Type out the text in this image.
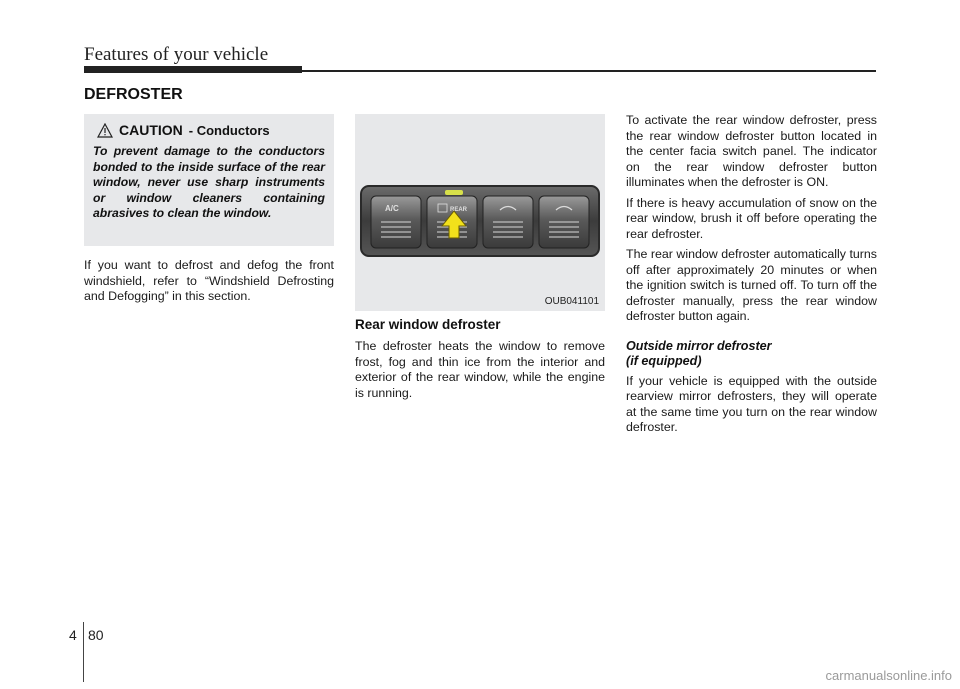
Features of your vehicle
DEFROSTER
CAUTION - Conductors
To prevent damage to the conductors bonded to the inside surface of the rear window, never use sharp instruments or window cleaners containing abrasives to clean the window.
If you want to defrost and defog the front windshield, refer to “Windshield Defrosting and Defogging” in this section.
A/C	REAR
OUB041101
Rear window defroster
The defroster heats the window to remove frost, fog and thin ice from the interior and exterior of the rear window, while the engine is running.

To activate the rear window defroster, press the rear window defroster button located in the center facia switch panel. The indicator on the rear window defroster button illuminates when the defroster is ON.

If there is heavy accumulation of snow on the rear window, brush it off before operating the rear defroster.

The rear window defroster automatically turns off after approximately 20 minutes or when the ignition switch is turned off. To turn off the defroster manually, press the rear window defroster button again.

Outside mirror defroster
(if equipped)

If your vehicle is equipped with the outside rearview mirror defrosters, they will operate at the same time you turn on the rear window defroster.

4 80
carmanualsonline.info
